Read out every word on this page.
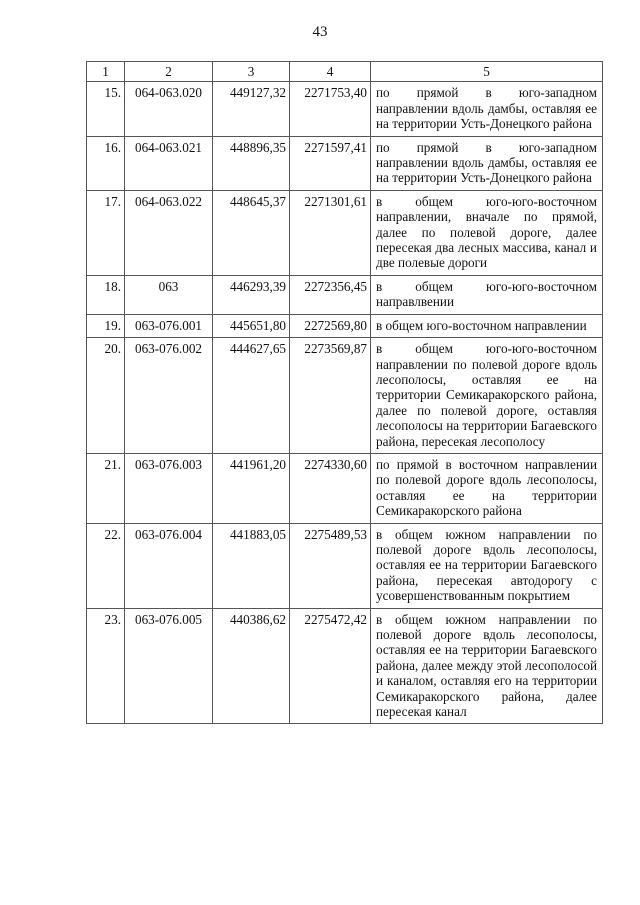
43
1	2	3	4	5
15.	064-063.020	449127,32	2271753,40	по прямой в юго-западном направлении вдоль дамбы, оставляя ее на территории Усть-Донецкого района
16.	064-063.021	448896,35	2271597,41	по прямой в юго-западном направлении вдоль дамбы, оставляя ее на территории Усть-Донецкого района
17.	064-063.022	448645,37	2271301,61	в общем юго-юго-восточном направлении, вначале по прямой, далее по полевой дороге, далее пересекая два лесных массива, канал и две полевые дороги
18.	063	446293,39	2272356,45	в общем юго-юго-восточном направлвении
19.	063-076.001	445651,80	2272569,80	в общем юго-восточном направлении
20.	063-076.002	444627,65	2273569,87	в общем юго-юго-восточном направлении по полевой дороге вдоль лесополосы, оставляя ее на территории Семикаракорского района, далее по полевой дороге, оставляя лесополосы на территории Багаевского района, пересекая лесополосу
21.	063-076.003	441961,20	2274330,60	по прямой в восточном направлении по полевой дороге вдоль лесополосы, оставляя ее на территории Семикаракорского района
22.	063-076.004	441883,05	2275489,53	в общем южном направлении по полевой дороге вдоль лесополосы, оставляя ее на территории Багаевского района, пересекая автодорогу с усовершенствованным покрытием
23.	063-076.005	440386,62	2275472,42	в общем южном направлении по полевой дороге вдоль лесополосы, оставляя ее на территории Багаевского района, далее между этой лесополосой и каналом, оставляя его на территории Семикаракорского района, далее пересекая канал
